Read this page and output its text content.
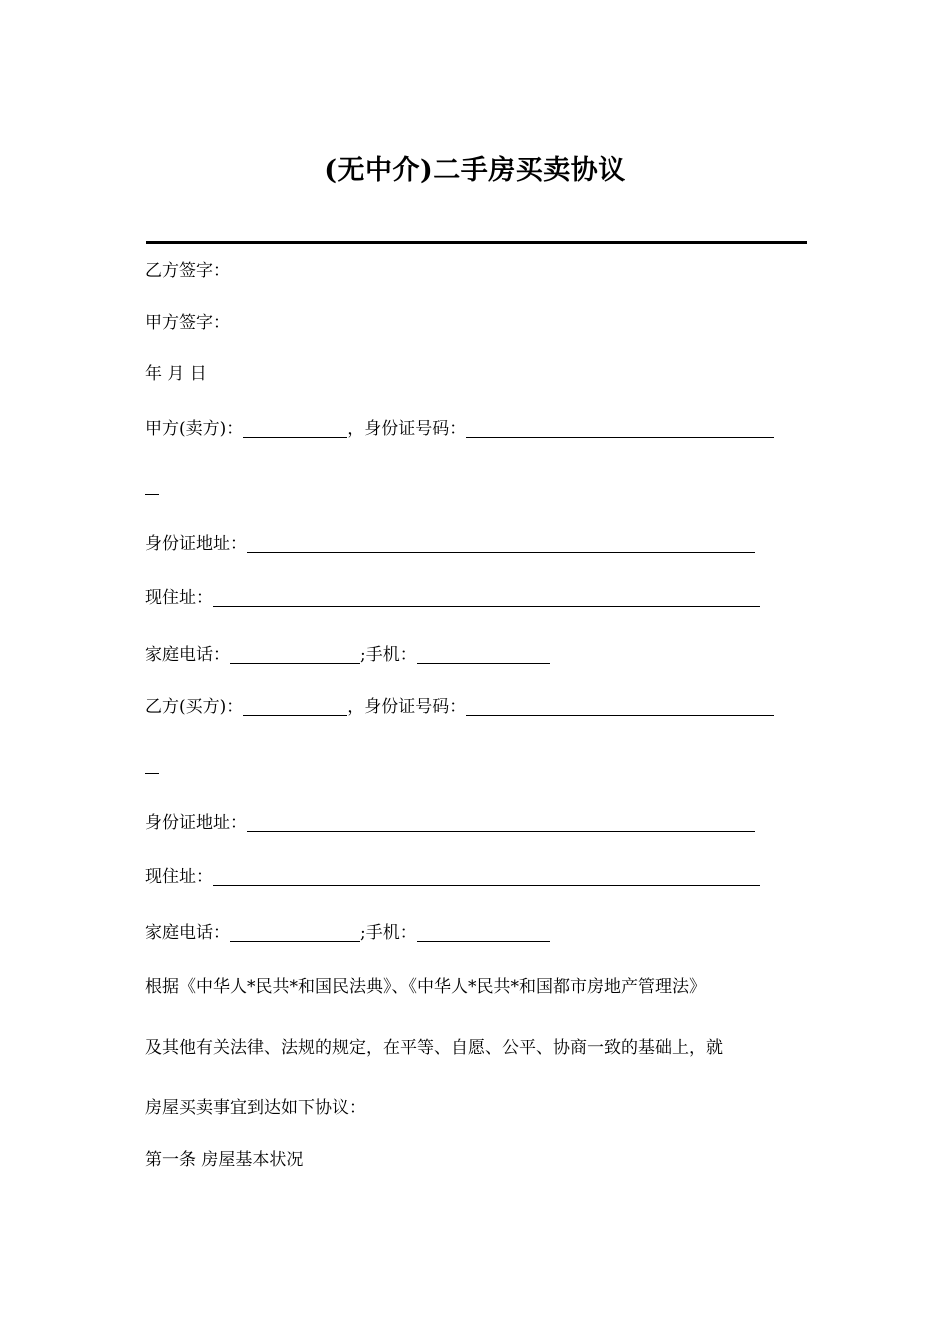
(无中介)二手房买卖协议
乙方签字：
甲方签字：
年 月 日
甲方(卖方)：	，身份证号码：
身份证地址：
现住址：
家庭电话：	;手机：
乙方(买方)：	，身份证号码：
身份证地址：
现住址：
家庭电话：	;手机：
根据《中华人*民共*和国民法典》、《中华人*民共*和国都市房地产管理法》
及其他有关法律、法规的规定，在平等、自愿、公平、协商一致的基础上，就
房屋买卖事宜到达如下协议：
第一条 房屋基本状况
